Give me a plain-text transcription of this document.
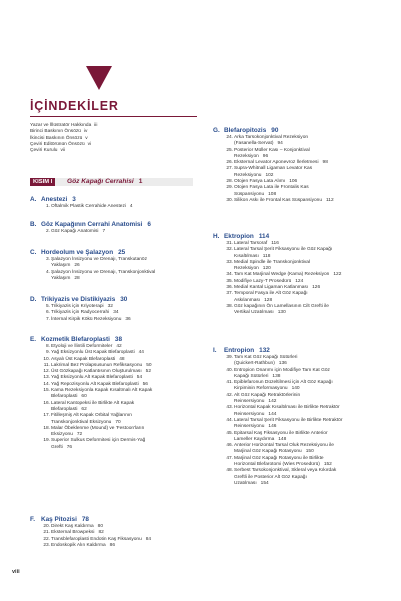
İÇİNDEKİLER
Yazar ve İllüstratör Hakkında iii
Birinci Baskının Önsözü iv
İkincisi Baskının Önsözü v
Çeviri Editörünün Önsözü vi
Çeviri Kurulu vii
KISIM I	Göz Kapağı Cerrahisi 1
A. Anestezi 3
1. Oftalmik Plastik Cerrahide Anestezi 4
B. Göz Kapağının Cerrahi Anatomisi 6
2. Göz Kapağı Anatomisi 7
C. Hordeolum ve Şalazyon 25
3. Şalazyon İnsizyonu ve Drenajı, Transkutanöz
Yaklaşım 26
4. Şalazyon İnsizyonu ve Drenajı, Transkonjonktival
Yaklaşım 28
D. Trikiyazis ve Distikiyazis 30
5. Trikiyazis için Kriyoterapi 32
6. Trikiyazis için Radyocerrahi 34
7. İnternal Kirpik Kökü Rezeksiyonu 36
E. Kozmetik Blefaroplasti 38
8. Etyoloji ve İlintili Deformiteler 42
9. Yağ Eksizyonlu Üst Kapak Blefaroplasti 44
10. Asyalı Üst Kapak Blefaroplasti 48
11. Lakrimal Bez Prolapsusunun Refiksasyonu 50
12. Üst Gözkapağı Katlantısının Oluşturulması 52
13. Yağ Eksizyonlu Alt Kapak Blefaroplasti 54
14. Yağ Repozisyonlu Alt Kapak Blefaroplasti 56
15. Kama Rezeksiyonla Kapak Kısaltmalı Alt Kapak
Blefaroplasti 60
16. Lateral Kantopeksi ile Birlikte Alt Kapak
Blefaroplasti 62
17. Fitilleşmiş Alt Kapak Orbital Yağlarının
Transkonjonktival Eksizyonu 70
18. Malar Öbeklenme (Mound) ve 'Festoon'ların
Eksizyonu 72
19. Superior Sulkus Deformitesi için Dermis-Yağ
Grefti 76
F. Kaş Pitozisi 78
20. Direkt Kaş Kaldırma 80
21. Eksternal Browpeksi 82
22. Transblefaroplasti Endotin Kaş Fiksasyonu 84
23. Endoskopik Alın Kaldırma 86
G. Blefaropitozis 90
24. Arka Tarsokonjonktival Rezeksiyon
(Fasanella-Servat) 94
25. Posterior Müller Kası – Konjonktival
Rezeksiyon 96
26. Eksternal Levator Aponevroz İlerletmesi 98
27. Supra-Whitnall Ligaman Levator Kas
Rezeksiyonu 102
28. Otojen Fasya Lata Alımı 106
29. Otojen Fasya Lata ile Frontalis Kas
Süspansiyonu 108
30. Silikon Askı ile Frontal Kas Süspansiyonu 112
H. Ektropion 114
31. Lateral Tarsoraf 116
32. Lateral Tarsal Şerit Fiksasyonu ile Göz Kapağı
Kısaltılması 118
33. Medial Spindle ile Transkonjonktival
Rezeksiyon 120
34. Tam Kat Marjinal Wedge (Kama) Rezeksiyon 122
35. Modifiye Lazy-T Prosedürü 124
36. Medial Kantal Ligaman Katlanması 126
37. Temporal Fasya ile Alt Göz Kapağı
Askılanması 128
38. Göz kapağının Ön Lamellasının Cilt Grefti ile
Vertikal Uzatılması 130
I. Entropion 132
39. Tam Kat Göz Kapağı Sütürleri
(Quickert-Rathbun) 136
40. Entropion Onarımı için Modifiye Tam Kat Göz
Kapağı Sütürleri 138
41. Epiblefaronun Düzeltilmesi için Alt Göz Kapağı
Kirpiminin Reformasyonu 140
42. Alt Göz Kapağı Retraktörlerinin
Reinsersiyonu 142
43. Horizontal Kapak Kısaltılması ile Birlikte Retraktör
Reinsersiyonu 144
44. Lateral Tarsal Şerit Fiksasyonu ile Birlikte Retraktör
Reinsersiyonu 146
45. Epitarsal Kaş Fiksasyonu ile Birlikte Anterior
Lameller Kaydırma 148
46. Anterior Horizontal Tarsal Oluk Rezeksiyonu ile
Marjinal Göz Kapağı Rotasyonu 150
47. Marjinal Göz Kapağı Rotasyonu ile Birlikte
Horizontal Blefarotomi (Wies Prosedürü) 152
48. Serbest Tarsokonjonktival, Skleral veya Kıkırdak
Greftli ile Posterior Alt Göz Kapağı
Uzatılması 154
viii
